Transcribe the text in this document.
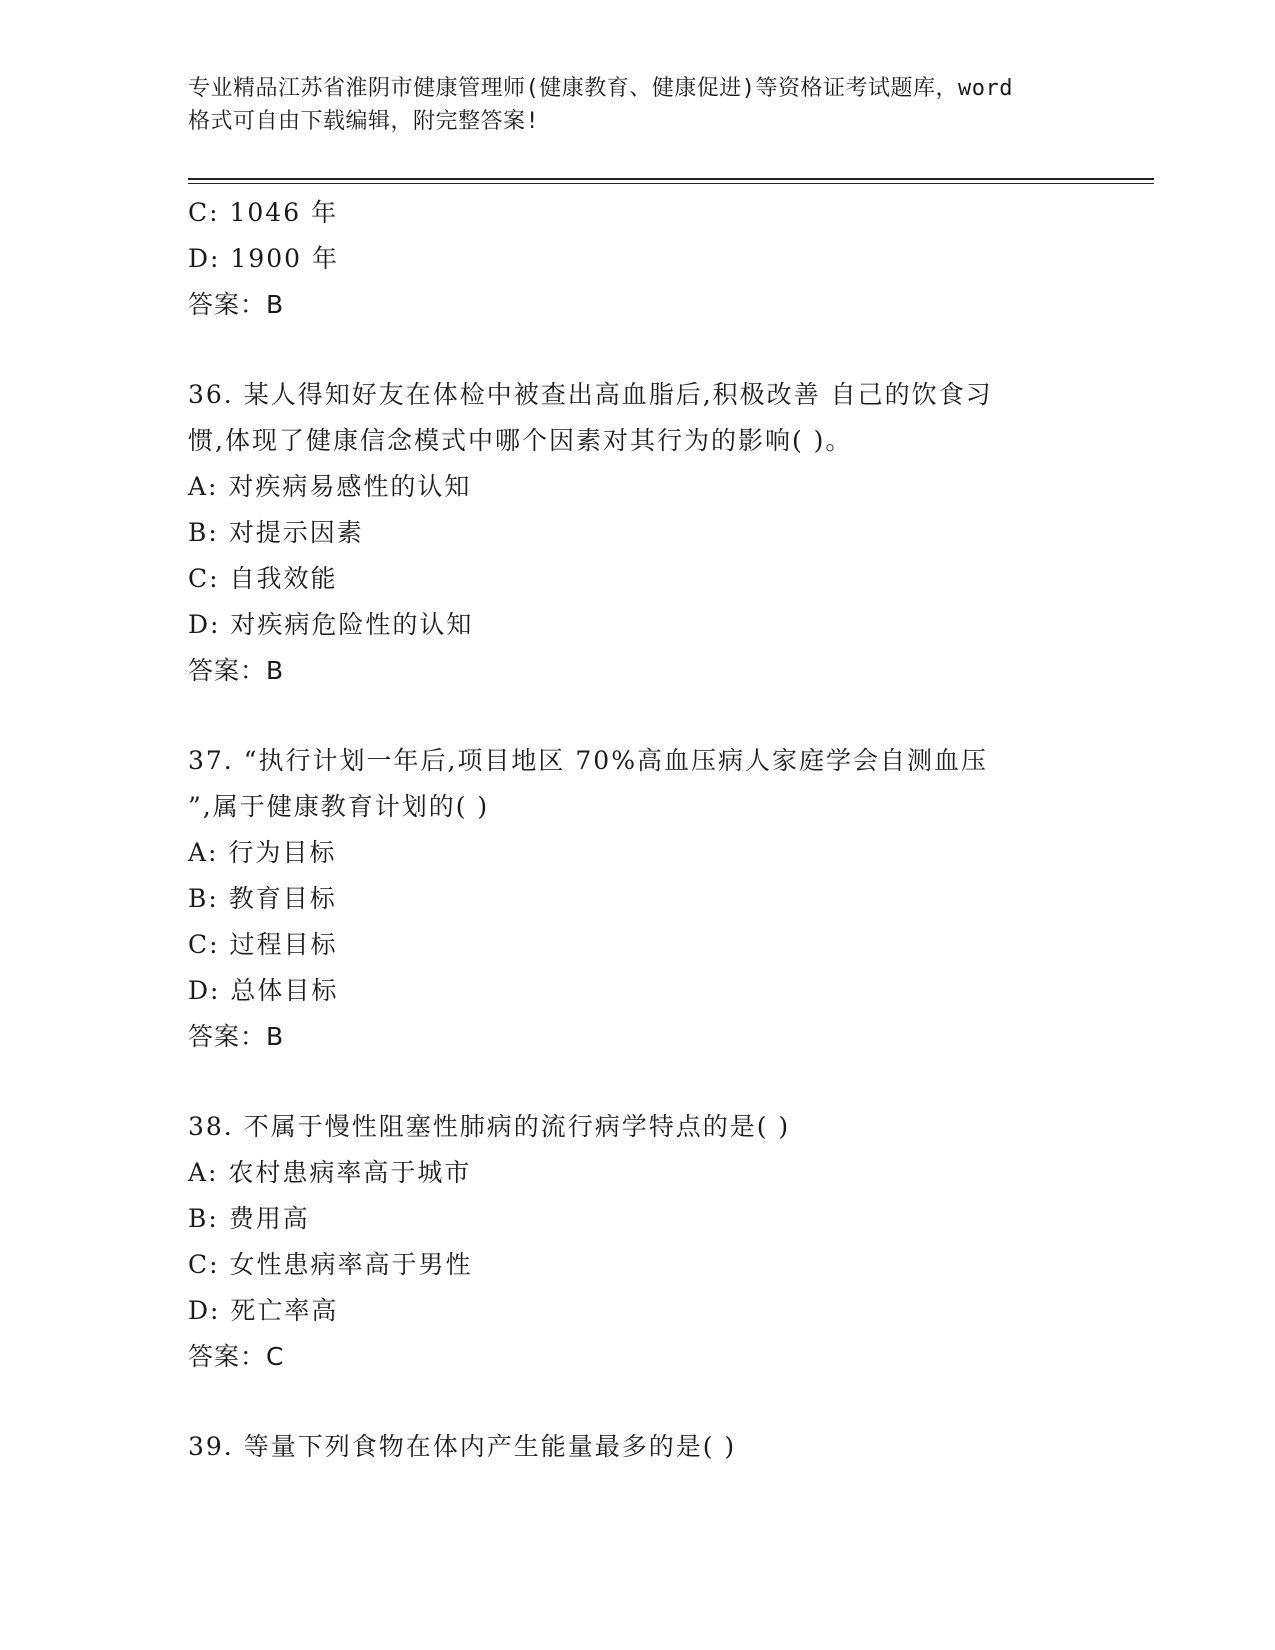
专业精品江苏省淮阴市健康管理师(健康教育、健康促进)等资格证考试题库，word
格式可自由下载编辑，附完整答案!
C: 1046 年
D: 1900 年
答案：B
36. 某人得知好友在体检中被查出高血脂后,积极改善 自己的饮食习
惯,体现了健康信念模式中哪个因素对其行为的影响( )。
A: 对疾病易感性的认知
B: 对提示因素
C: 自我效能
D: 对疾病危险性的认知
答案：B
37. “执行计划一年后,项目地区 70%高血压病人家庭学会自测血压
”,属于健康教育计划的( )
A: 行为目标
B: 教育目标
C: 过程目标
D: 总体目标
答案：B
38. 不属于慢性阻塞性肺病的流行病学特点的是( )
A: 农村患病率高于城市
B: 费用高
C: 女性患病率高于男性
D: 死亡率高
答案：C
39. 等量下列食物在体内产生能量最多的是( )
